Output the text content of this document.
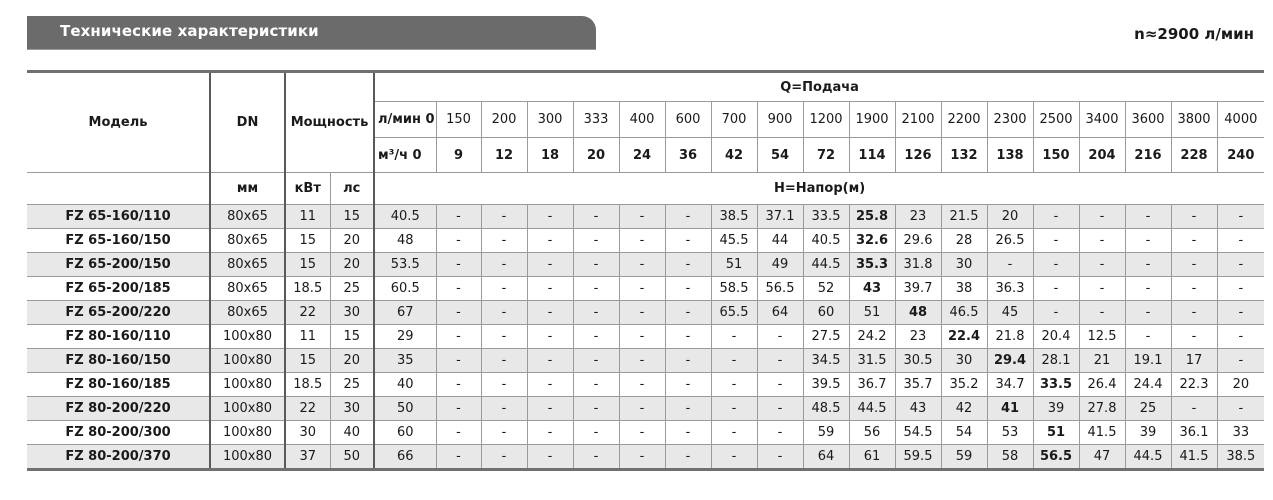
Технические характеристики	n≈2900 л/мин
Модель	DN	Мощность		Q=Подача																		
				л/мин 0	150	200	300	333	400	600	700	900	1200	1900	2100	2200	2300	2500	3400	3600	3800	4000
				м³/ч 0	9	12	18	20	24	36	42	54	72	114	126	132	138	150	204	216	228	240
	мм	кВт	лс	H=Напор(м)																		
FZ 65-160/110	80x65	11	15	40.5	-	-	-	-	-	-	38.5	37.1	33.5	25.8	23	21.5	20	-	-	-	-	-
FZ 65-160/150	80x65	15	20	48	-	-	-	-	-	-	45.5	44	40.5	32.6	29.6	28	26.5	-	-	-	-	-
FZ 65-200/150	80x65	15	20	53.5	-	-	-	-	-	-	51	49	44.5	35.3	31.8	30	-	-	-	-	-	-
FZ 65-200/185	80x65	18.5	25	60.5	-	-	-	-	-	-	58.5	56.5	52	43	39.7	38	36.3	-	-	-	-	-
FZ 65-200/220	80x65	22	30	67	-	-	-	-	-	-	65.5	64	60	51	48	46.5	45	-	-	-	-	-
FZ 80-160/110	100x80	11	15	29	-	-	-	-	-	-	-	-	27.5	24.2	23	22.4	21.8	20.4	12.5	-	-	-
FZ 80-160/150	100x80	15	20	35	-	-	-	-	-	-	-	-	34.5	31.5	30.5	30	29.4	28.1	21	19.1	17	-
FZ 80-160/185	100x80	18.5	25	40	-	-	-	-	-	-	-	-	39.5	36.7	35.7	35.2	34.7	33.5	26.4	24.4	22.3	20
FZ 80-200/220	100x80	22	30	50	-	-	-	-	-	-	-	-	48.5	44.5	43	42	41	39	27.8	25	-	-
FZ 80-200/300	100x80	30	40	60	-	-	-	-	-	-	-	-	59	56	54.5	54	53	51	41.5	39	36.1	33
FZ 80-200/370	100x80	37	50	66	-	-	-	-	-	-	-	-	64	61	59.5	59	58	56.5	47	44.5	41.5	38.5
